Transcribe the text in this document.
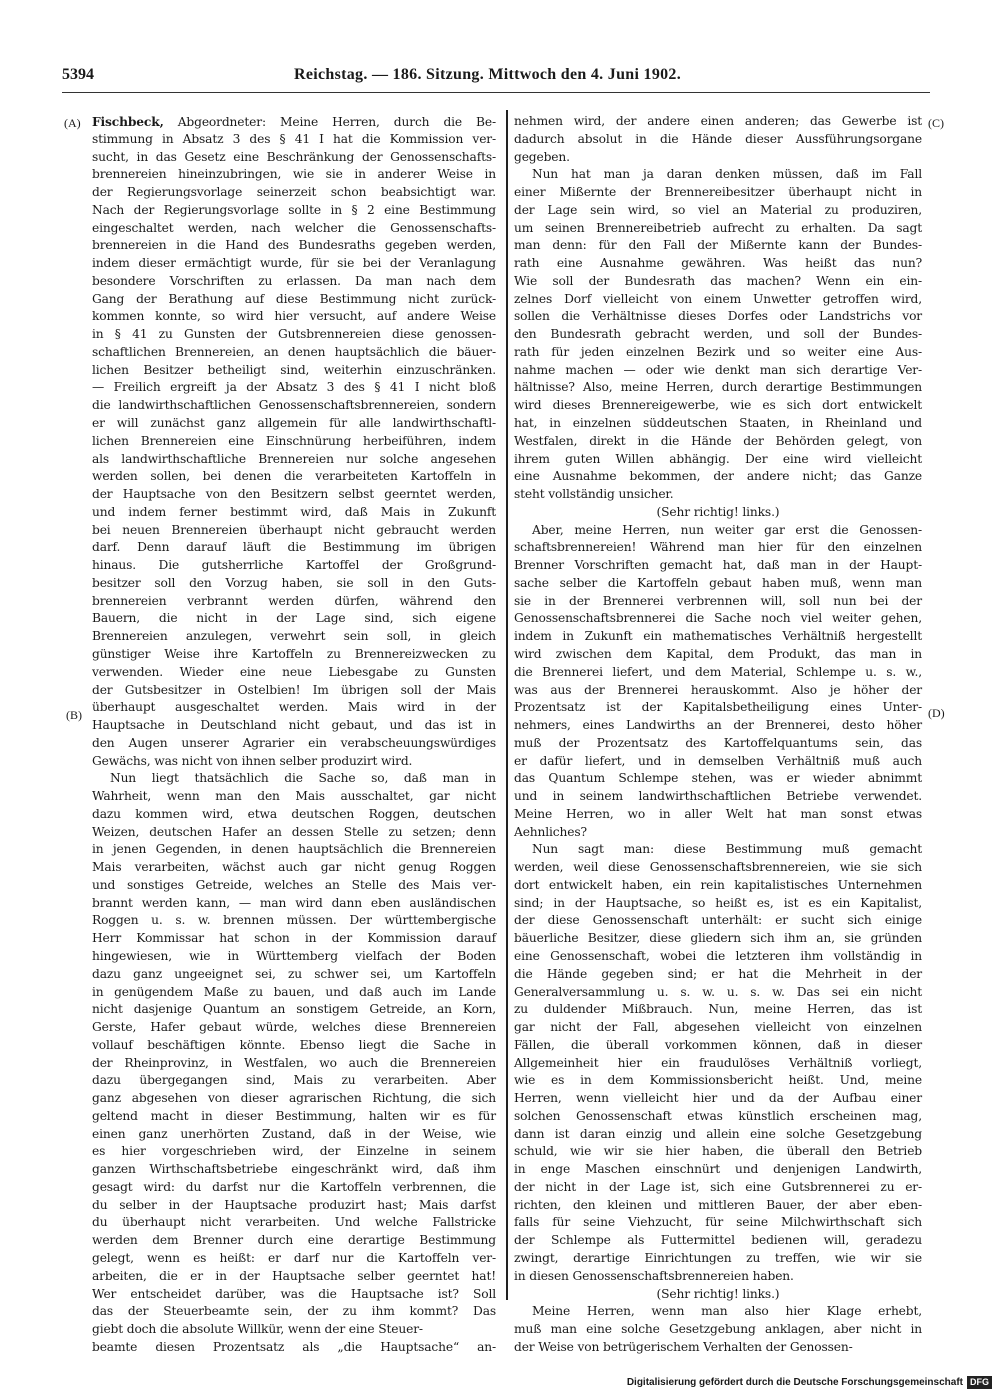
5394	Reichstag. — 186. Sitzung. Mittwoch den 4. Juni 1902.
(A)
(B)
(C)
(D)

Fischbeck, Abgeordneter: Meine Herren, durch die Be-

stimmung in Absatz 3 des § 41 I hat die Kommission ver-

sucht, in das Gesetz eine Beschränkung der Genossenschafts-

brennereien hineinzubringen, wie sie in anderer Weise in

der Regierungsvorlage seinerzeit schon beabsichtigt war.

Nach der Regierungsvorlage sollte in § 2 eine Bestimmung

eingeschaltet werden, nach welcher die Genossenschafts-

brennereien in die Hand des Bundesraths gegeben werden,

indem dieser ermächtigt wurde, für sie bei der Veranlagung

besondere Vorschriften zu erlassen. Da man nach dem

Gang der Berathung auf diese Bestimmung nicht zurück-

kommen konnte, so wird hier versucht, auf andere Weise

in § 41 zu Gunsten der Gutsbrennereien diese genossen-

schaftlichen Brennereien, an denen hauptsächlich die bäuer-

lichen Besitzer betheiligt sind, weiterhin einzuschränken.

— Freilich ergreift ja der Absatz 3 des § 41 I nicht bloß

die landwirthschaftlichen Genossenschaftsbrennereien, sondern

er will zunächst ganz allgemein für alle landwirthschaftl-

lichen Brennereien eine Einschnürung herbeiführen, indem

als landwirthschaftliche Brennereien nur solche angesehen

werden sollen, bei denen die verarbeiteten Kartoffeln in

der Hauptsache von den Besitzern selbst geerntet werden,

und indem ferner bestimmt wird, daß Mais in Zukunft

bei neuen Brennereien überhaupt nicht gebraucht werden

darf. Denn darauf läuft die Bestimmung im übrigen

hinaus. Die gutsherrliche Kartoffel der Großgrund-

besitzer soll den Vorzug haben, sie soll in den Guts-

brennereien verbrannt werden dürfen, während den

Bauern, die nicht in der Lage sind, sich eigene

Brennereien anzulegen, verwehrt sein soll, in gleich

günstiger Weise ihre Kartoffeln zu Brennereizwecken zu

verwenden. Wieder eine neue Liebesgabe zu Gunsten

der Gutsbesitzer in Ostelbien! Im übrigen soll der Mais

überhaupt ausgeschaltet werden. Mais wird in der

Hauptsache in Deutschland nicht gebaut, und das ist in

den Augen unserer Agrarier ein verabscheuungswürdiges

Gewächs, was nicht von ihnen selber produzirt wird.

Nun liegt thatsächlich die Sache so, daß man in

Wahrheit, wenn man den Mais ausschaltet, gar nicht

dazu kommen wird, etwa deutschen Roggen, deutschen

Weizen, deutschen Hafer an dessen Stelle zu setzen; denn

in jenen Gegenden, in denen hauptsächlich die Brennereien

Mais verarbeiten, wächst auch gar nicht genug Roggen

und sonstiges Getreide, welches an Stelle des Mais ver-

brannt werden kann, — man wird dann eben ausländischen

Roggen u. s. w. brennen müssen. Der württembergische

Herr Kommissar hat schon in der Kommission darauf

hingewiesen, wie in Württemberg vielfach der Boden

dazu ganz ungeeignet sei, zu schwer sei, um Kartoffeln

in genügendem Maße zu bauen, und daß auch im Lande

nicht dasjenige Quantum an sonstigem Getreide, an Korn,

Gerste, Hafer gebaut würde, welches diese Brennereien

vollauf beschäftigen könnte. Ebenso liegt die Sache in

der Rheinprovinz, in Westfalen, wo auch die Brennereien

dazu übergegangen sind, Mais zu verarbeiten. Aber

ganz abgesehen von dieser agrarischen Richtung, die sich

geltend macht in dieser Bestimmung, halten wir es für

einen ganz unerhörten Zustand, daß in der Weise, wie

es hier vorgeschrieben wird, der Einzelne in seinem

ganzen Wirthschaftsbetriebe eingeschränkt wird, daß ihm

gesagt wird: du darfst nur die Kartoffeln verbrennen, die

du selber in der Hauptsache produzirt hast; Mais darfst

du überhaupt nicht verarbeiten. Und welche Fallstricke

werden dem Brenner durch eine derartige Bestimmung

gelegt, wenn es heißt: er darf nur die Kartoffeln ver-

arbeiten, die er in der Hauptsache selber geerntet hat!

Wer entscheidet darüber, was die Hauptsache ist? Soll

das der Steuerbeamte sein, der zu ihm kommt? Das

giebt doch die absolute Willkür, wenn der eine Steuer-

beamte diesen Prozentsatz als „die Hauptsache“ an-

nehmen wird, der andere einen anderen; das Gewerbe ist

dadurch absolut in die Hände dieser Aussführungsorgane

gegeben.

Nun hat man ja daran denken müssen, daß im Fall

einer Mißernte der Brennereibesitzer überhaupt nicht in

der Lage sein wird, so viel an Material zu produziren,

um seinen Brennereibetrieb aufrecht zu erhalten. Da sagt

man denn: für den Fall der Mißernte kann der Bundes-

rath eine Ausnahme gewähren. Was heißt das nun?

Wie soll der Bundesrath das machen? Wenn ein ein-

zelnes Dorf vielleicht von einem Unwetter getroffen wird,

sollen die Verhältnisse dieses Dorfes oder Landstrichs vor

den Bundesrath gebracht werden, und soll der Bundes-

rath für jeden einzelnen Bezirk und so weiter eine Aus-

nahme machen — oder wie denkt man sich derartige Ver-

hältnisse? Also, meine Herren, durch derartige Bestimmungen

wird dieses Brennereigewerbe, wie es sich dort entwickelt

hat, in einzelnen süddeutschen Staaten, in Rheinland und

Westfalen, direkt in die Hände der Behörden gelegt, von

ihrem guten Willen abhängig. Der eine wird vielleicht

eine Ausnahme bekommen, der andere nicht; das Ganze

steht vollständig unsicher.

(Sehr richtig! links.)

Aber, meine Herren, nun weiter gar erst die Genossen-

schaftsbrennereien! Während man hier für den einzelnen

Brenner Vorschriften gemacht hat, daß man in der Haupt-

sache selber die Kartoffeln gebaut haben muß, wenn man

sie in der Brennerei verbrennen will, soll nun bei der

Genossenschaftsbrennerei die Sache noch viel weiter gehen,

indem in Zukunft ein mathematisches Verhältniß hergestellt

wird zwischen dem Kapital, dem Produkt, das man in

die Brennerei liefert, und dem Material, Schlempe u. s. w.,

was aus der Brennerei herauskommt. Also je höher der

Prozentsatz ist der Kapitalsbetheiligung eines Unter-

nehmers, eines Landwirths an der Brennerei, desto höher

muß der Prozentsatz des Kartoffelquantums sein, das

er dafür liefert, und in demselben Verhältniß muß auch

das Quantum Schlempe stehen, was er wieder abnimmt

und in seinem landwirthschaftlichen Betriebe verwendet.

Meine Herren, wo in aller Welt hat man sonst etwas

Aehnliches?

Nun sagt man: diese Bestimmung muß gemacht

werden, weil diese Genossenschaftsbrennereien, wie sie sich

dort entwickelt haben, ein rein kapitalistisches Unternehmen

sind; in der Hauptsache, so heißt es, ist es ein Kapitalist,

der diese Genossenschaft unterhält: er sucht sich einige

bäuerliche Besitzer, diese gliedern sich ihm an, sie gründen

eine Genossenschaft, wobei die letzteren ihm vollständig in

die Hände gegeben sind; er hat die Mehrheit in der

Generalversammlung u. s. w. u. s. w. Das sei ein nicht

zu duldender Mißbrauch. Nun, meine Herren, das ist

gar nicht der Fall, abgesehen vielleicht von einzelnen

Fällen, die überall vorkommen können, daß in dieser

Allgemeinheit hier ein fraudulöses Verhältniß vorliegt,

wie es in dem Kommissionsbericht heißt. Und, meine

Herren, wenn vielleicht hier und da der Aufbau einer

solchen Genossenschaft etwas künstlich erscheinen mag,

dann ist daran einzig und allein eine solche Gesetzgebung

schuld, wie wir sie hier haben, die überall den Betrieb

in enge Maschen einschnürt und denjenigen Landwirth,

der nicht in der Lage ist, sich eine Gutsbrennerei zu er-

richten, den kleinen und mittleren Bauer, der aber eben-

falls für seine Viehzucht, für seine Milchwirthschaft sich

der Schlempe als Futtermittel bedienen will, geradezu

zwingt, derartige Einrichtungen zu treffen, wie wir sie

in diesen Genossenschaftsbrennereien haben.

(Sehr richtig! links.)

Meine Herren, wenn man also hier Klage erhebt,

muß man eine solche Gesetzgebung anklagen, aber nicht in

der Weise von betrügerischem Verhalten der Genossen-

Digitalisierung gefördert durch die Deutsche Forschungsgemeinschaft DFG
